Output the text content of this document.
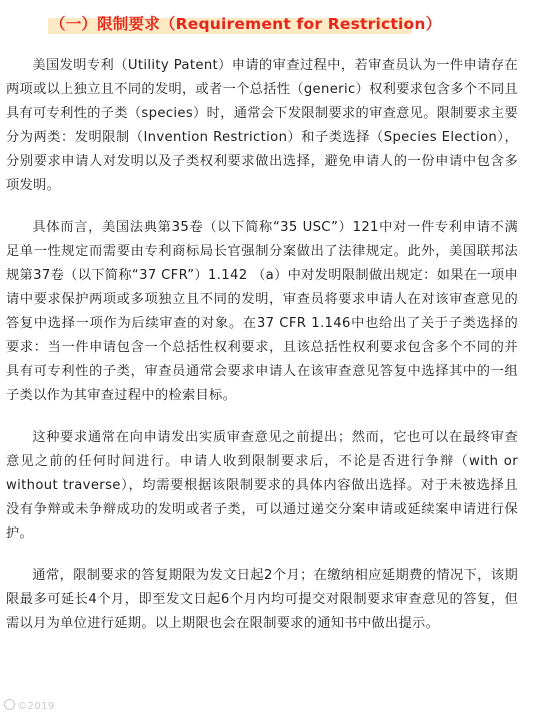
（一）限制要求（Requirement for Restriction）

美国发明专利（Utility Patent）申请的审查过程中，若审查员认为一件申请存在两项或以上独立且不同的发明，或者一个总括性（generic）权利要求包含多个不同且具有可专利性的子类（species）时，通常会下发限制要求的审查意见。限制要求主要分为两类：发明限制（Invention Restriction）和子类选择（Species Election），分别要求申请人对发明以及子类权利要求做出选择，避免申请人的一份申请中包含多项发明。

具体而言，美国法典第35卷（以下简称“35 USC”）121中对一件专利申请不满足单一性规定而需要由专利商标局长官强制分案做出了法律规定。此外，美国联邦法规第37卷（以下简称“37 CFR”）1.142 （a）中对发明限制做出规定：如果在一项申请中要求保护两项或多项独立且不同的发明，审查员将要求申请人在对该审查意见的答复中选择一项作为后续审查的对象。在37 CFR 1.146中也给出了关于子类选择的要求：当一件申请包含一个总括性权利要求，且该总括性权利要求包含多个不同的并具有可专利性的子类，审查员通常会要求申请人在该审查意见答复中选择其中的一组子类以作为其审查过程中的检索目标。

这种要求通常在向申请发出实质审查意见之前提出；然而，它也可以在最终审查意见之前的任何时间进行。申请人收到限制要求后，不论是否进行争辩（with or without traverse），均需要根据该限制要求的具体内容做出选择。对于未被选择且没有争辩或未争辩成功的发明或者子类，可以通过递交分案申请或延续案申请进行保护。

通常，限制要求的答复期限为发文日起2个月；在缴纳相应延期费的情况下，该期限最多可延长4个月，即至发文日起6个月内均可提交对限制要求审查意见的答复，但需以月为单位进行延期。以上期限也会在限制要求的通知书中做出提示。

©2019
